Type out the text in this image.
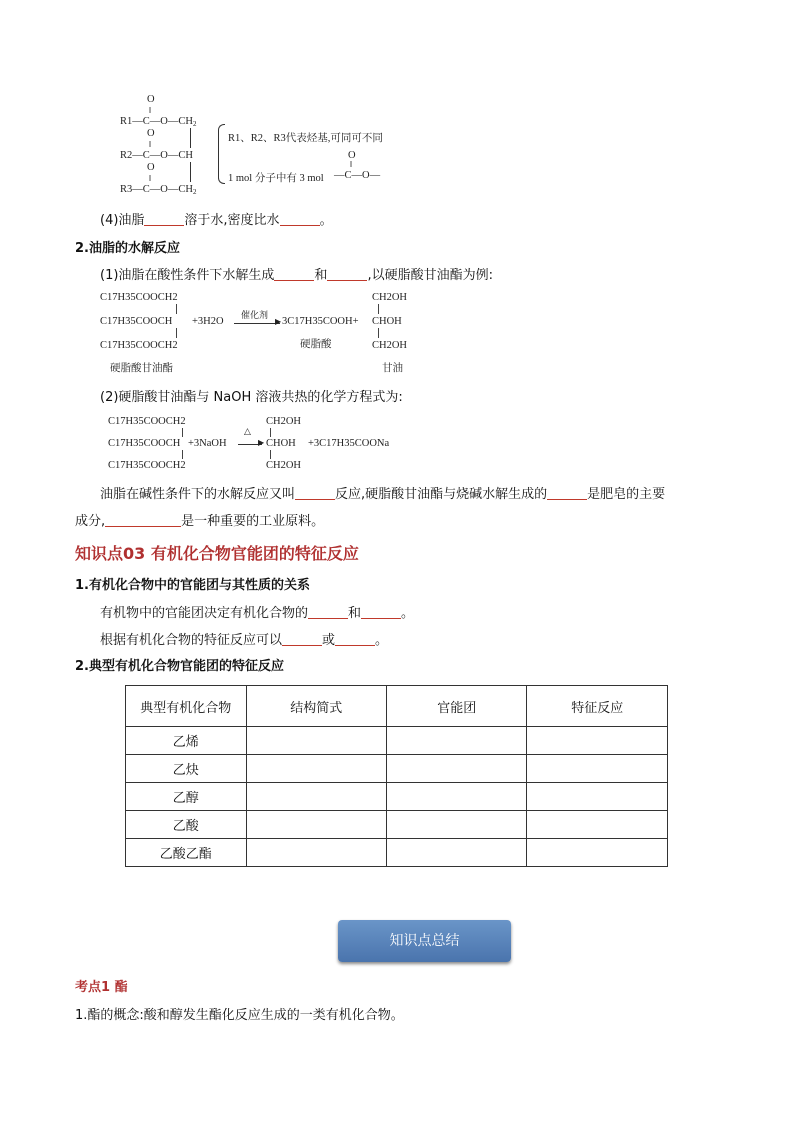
O
‖
$R1—C—O—CH_2$
O
‖
R2—C—O—CH
O
‖
$R3—C—O—CH_2$
R1、R2、R3代表烃基,可同可不同
1 mol 分子中有 3 mol
O
‖
—C—O—
(4)油脂	溶于水,密度比水	。
2.油脂的水解反应
(1)油脂在酸性条件下水解生成	和	,以硬脂酸甘油酯为例:
C17H35COOCH2
C17H35COOCH
C17H35COOCH2
+3H2O
催化剂
▶ 3C17H35COOH+
CH2OH
CHOH
CH2OH
硬脂酸甘油酯
硬脂酸
甘油
(2)硬脂酸甘油酯与 NaOH 溶液共热的化学方程式为:
C17H35COOCH2
C17H35COOCH
C17H35COOCH2
+3NaOH
△
▶
CH2OH
CHOH
CH2OH
+3C17H35COONa
油脂在碱性条件下的水解反应又叫	反应,硬脂酸甘油酯与烧碱水解生成的	是肥皂的主要
成分,	是一种重要的工业原料。
知识点03 有机化合物官能团的特征反应
1.有机化合物中的官能团与其性质的关系
有机物中的官能团决定有机化合物的	和	。
根据有机化合物的特征反应可以	或	。
2.典型有机化合物官能团的特征反应
典型有机化合物	结构简式	官能团	特征反应
乙烯			
乙炔			
乙醇			
乙酸			
乙酸乙酯			
知识点总结
考点1 酯
1.酯的概念:酸和醇发生酯化反应生成的一类有机化合物。
